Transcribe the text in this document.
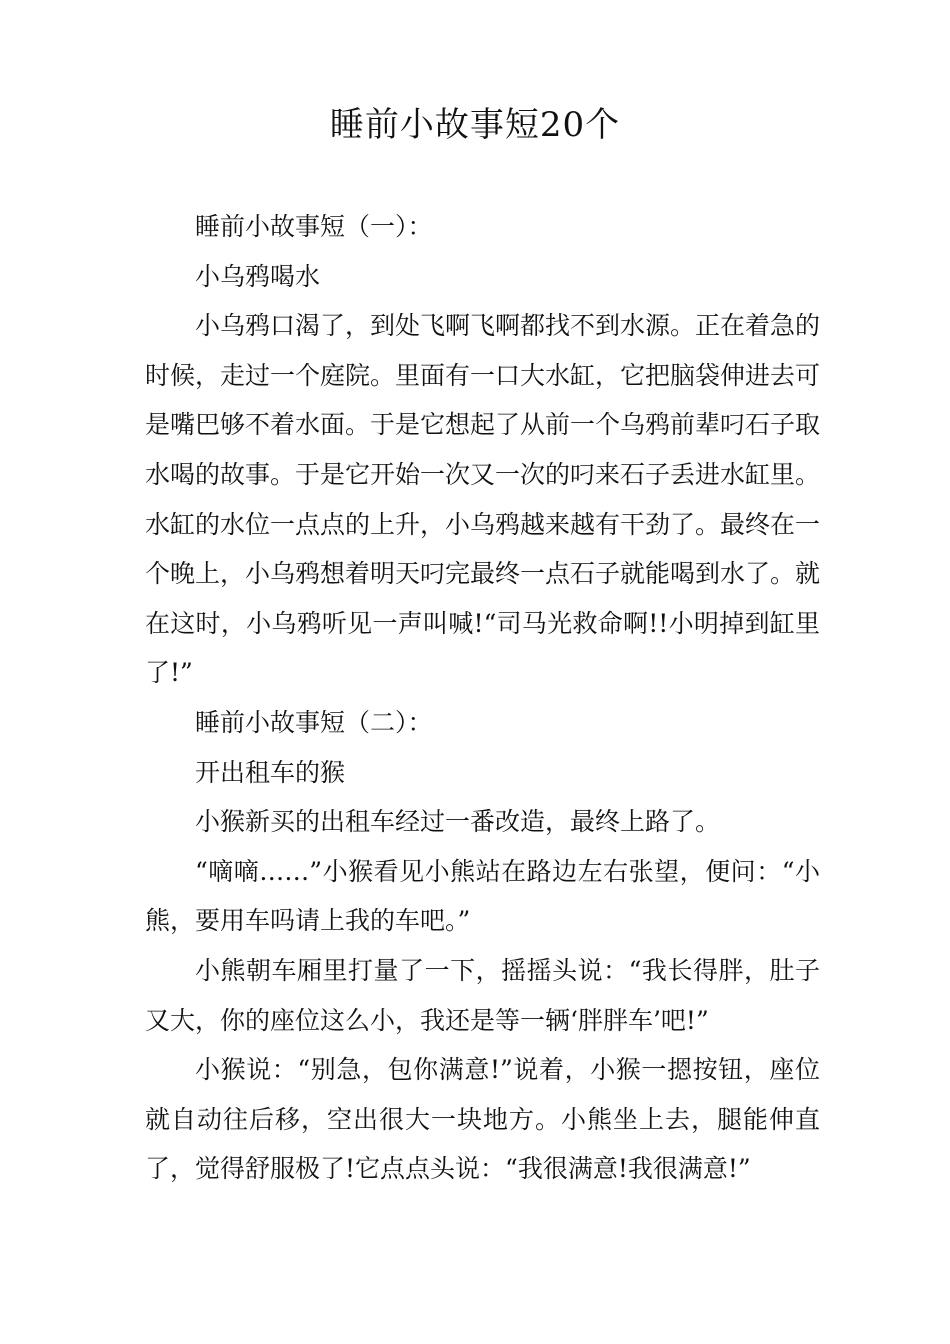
睡前小故事短20个

睡前小故事短（一）：

小乌鸦喝水

小乌鸦口渴了，到处飞啊飞啊都找不到水源。正在着急的时候，走过一个庭院。里面有一口大水缸，它把脑袋伸进去可是嘴巴够不着水面。于是它想起了从前一个乌鸦前辈叼石子取水喝的故事。于是它开始一次又一次的叼来石子丢进水缸里。水缸的水位一点点的上升，小乌鸦越来越有干劲了。最终在一个晚上，小乌鸦想着明天叼完最终一点石子就能喝到水了。就在这时，小乌鸦听见一声叫喊!“司马光救命啊!!小明掉到缸里了!”

睡前小故事短（二）：

开出租车的猴

小猴新买的出租车经过一番改造，最终上路了。

“嘀嘀……”小猴看见小熊站在路边左右张望，便问：“小熊，要用车吗请上我的车吧。”

小熊朝车厢里打量了一下，摇摇头说：“我长得胖，肚子又大，你的座位这么小，我还是等一辆‘胖胖车’吧!”

小猴说：“别急，包你满意!”说着，小猴一摁按钮，座位就自动往后移，空出很大一块地方。小熊坐上去，腿能伸直了，觉得舒服极了!它点点头说：“我很满意!我很满意!”
